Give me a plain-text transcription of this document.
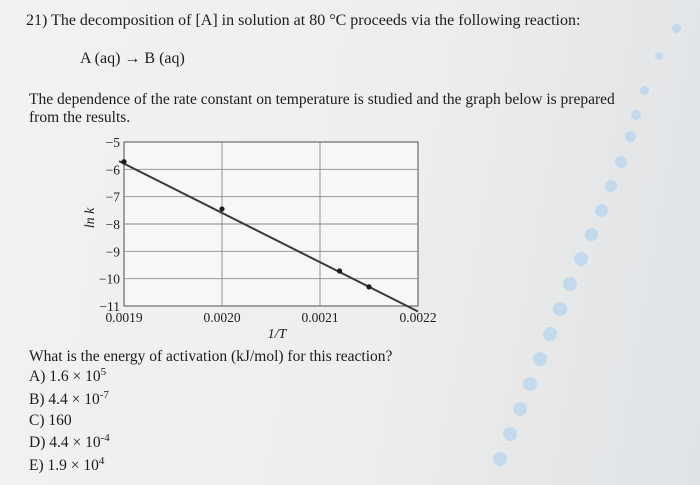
21) The decomposition of [A] in solution at 80 °C proceeds via the following reaction:
A (aq) → B (aq)
The dependence of the rate constant on temperature is studied and the graph below is prepared
from the results.
−5
−6
−7
−8
−9
−10
−11
0.0019	0.0020	0.0021	0.0022
1/T
ln k
What is the energy of activation (kJ/mol) for this reaction?
A) $1.6 \times 10^5$
B) $4.4 \times 10^{-7}$
C) 160
D) $4.4 \times 10^{-4}$
E) $1.9 \times 10^4$
